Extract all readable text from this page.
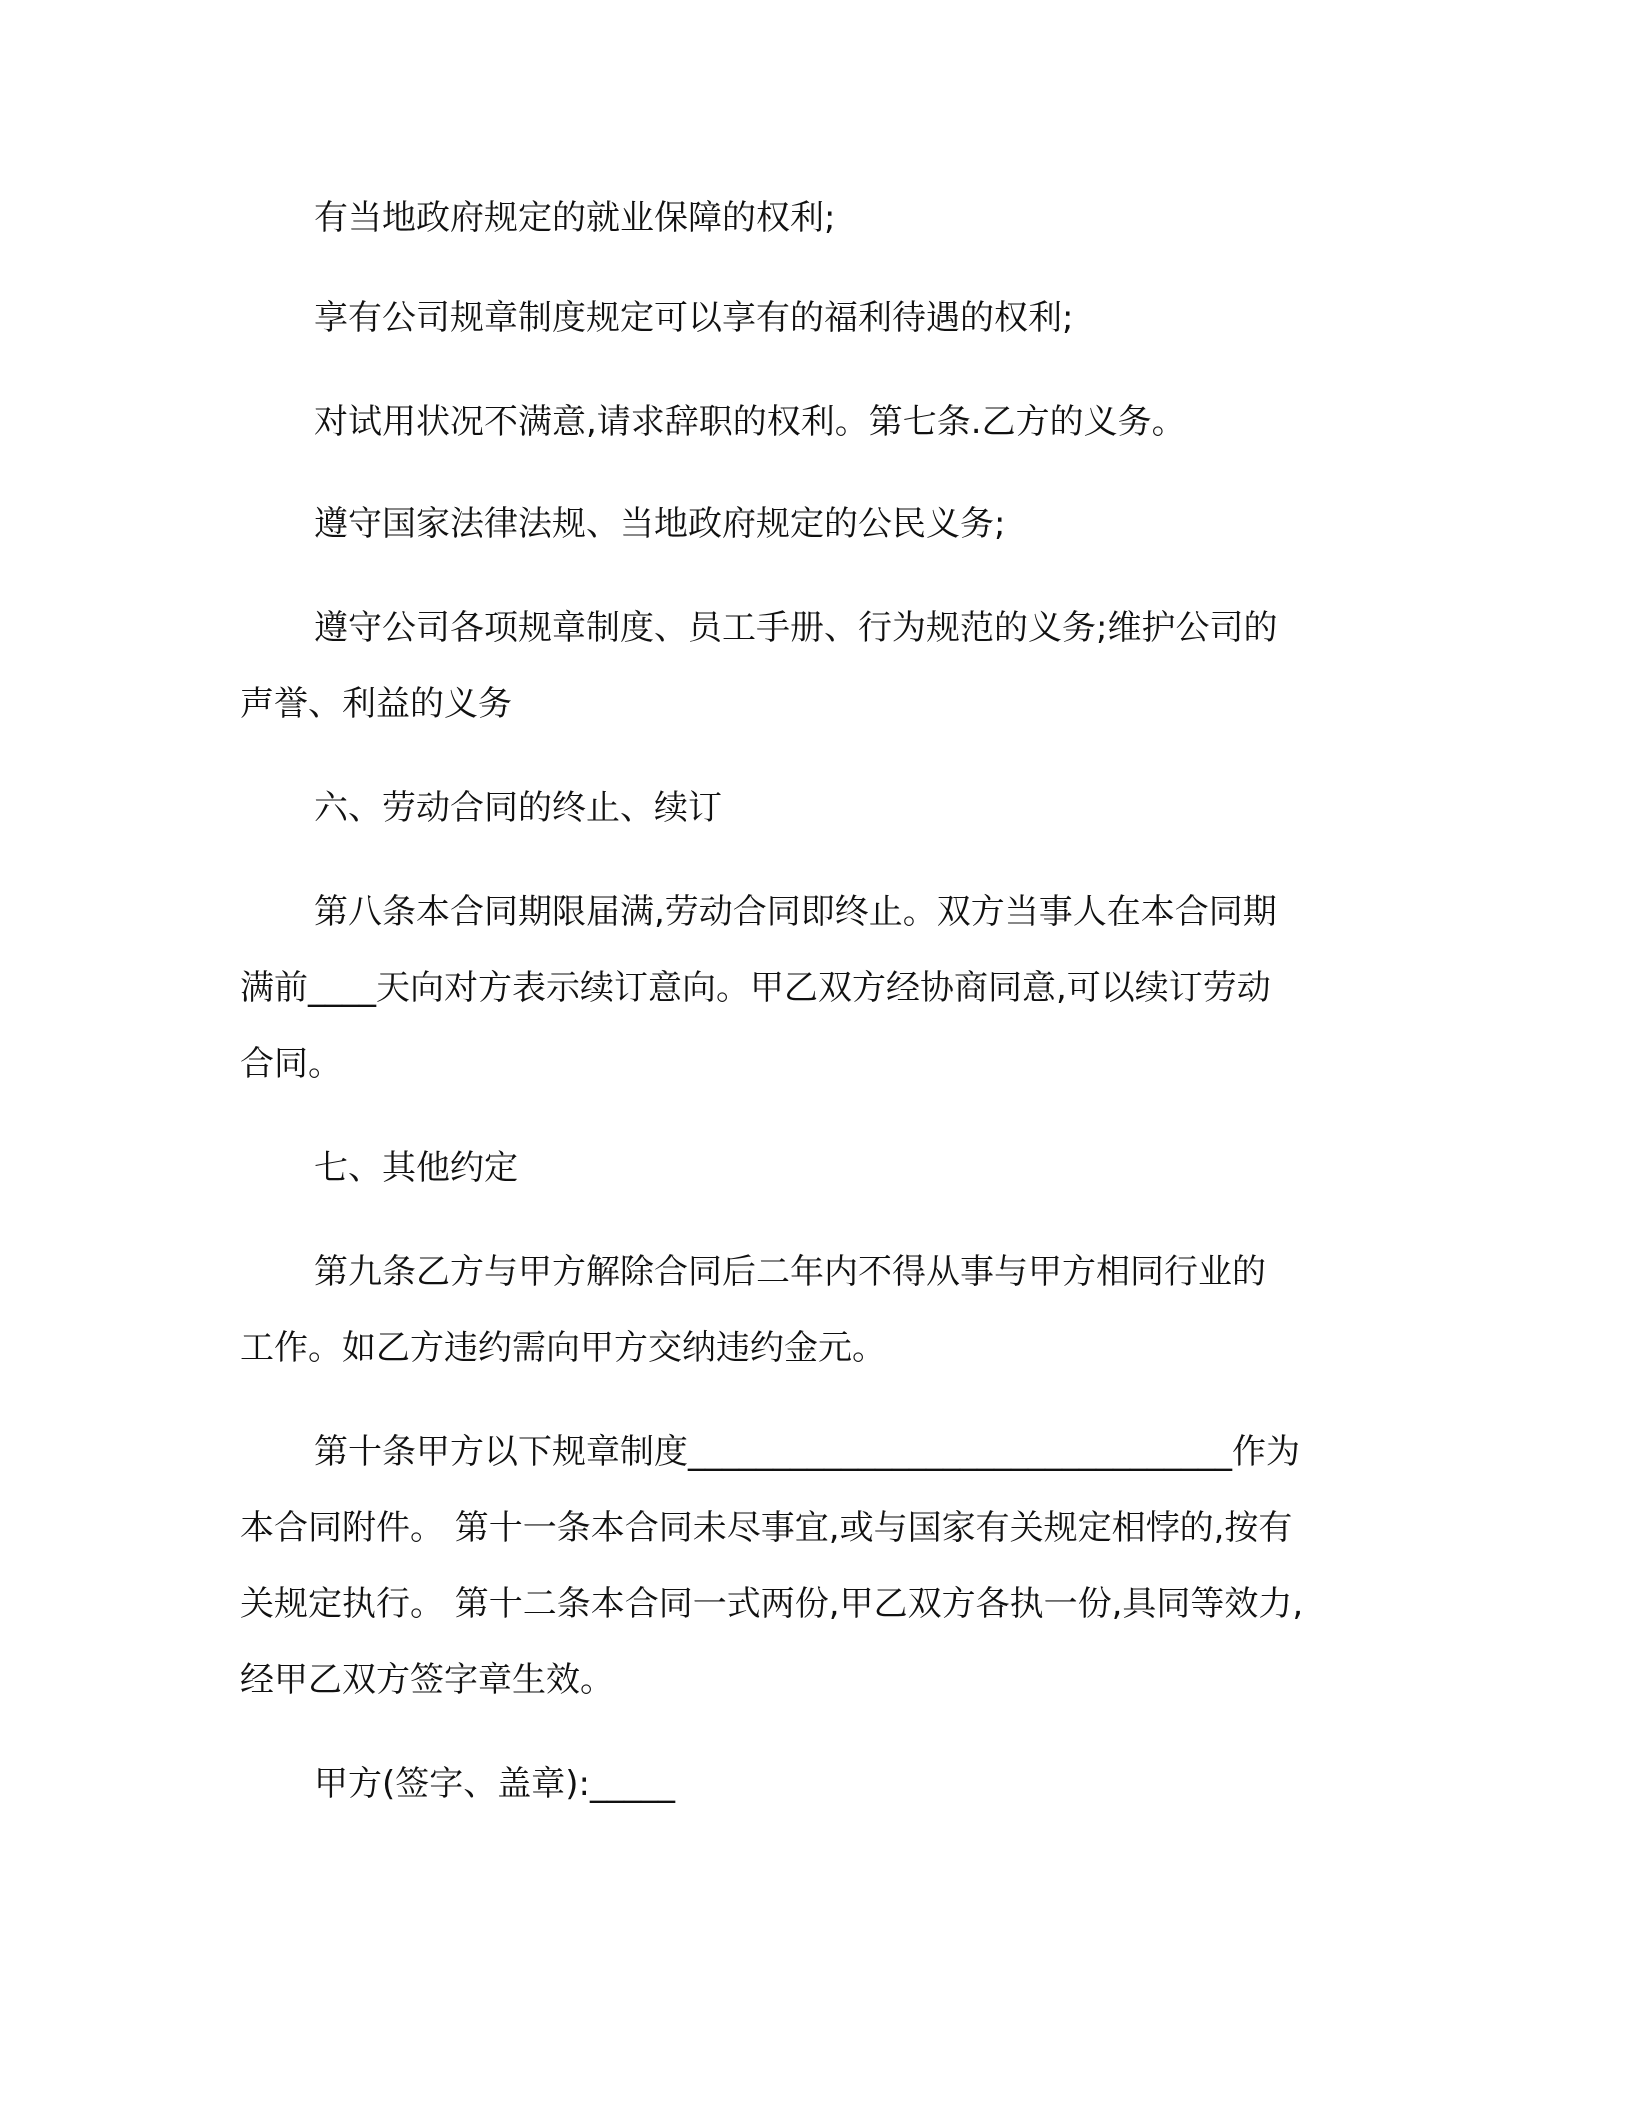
有当地政府规定的就业保障的权利;
享有公司规章制度规定可以享有的福利待遇的权利;
对试用状况不满意,请求辞职的权利。第七条.乙方的义务。
遵守国家法律法规、当地政府规定的公民义务;
遵守公司各项规章制度、员工手册、行为规范的义务;维护公司的
声誉、利益的义务
六、劳动合同的终止、续订
第八条本合同期限届满,劳动合同即终止。双方当事人在本合同期
满前____天向对方表示续订意向。甲乙双方经协商同意,可以续订劳动
合同。
七、其他约定
第九条乙方与甲方解除合同后二年内不得从事与甲方相同行业的
工作。如乙方违约需向甲方交纳违约金元。
第十条甲方以下规章制度________________________________作为
本合同附件。 第十一条本合同未尽事宜,或与国家有关规定相悖的,按有
关规定执行。 第十二条本合同一式两份,甲乙双方各执一份,具同等效力,
经甲乙双方签字章生效。
甲方(签字、盖章):_____
